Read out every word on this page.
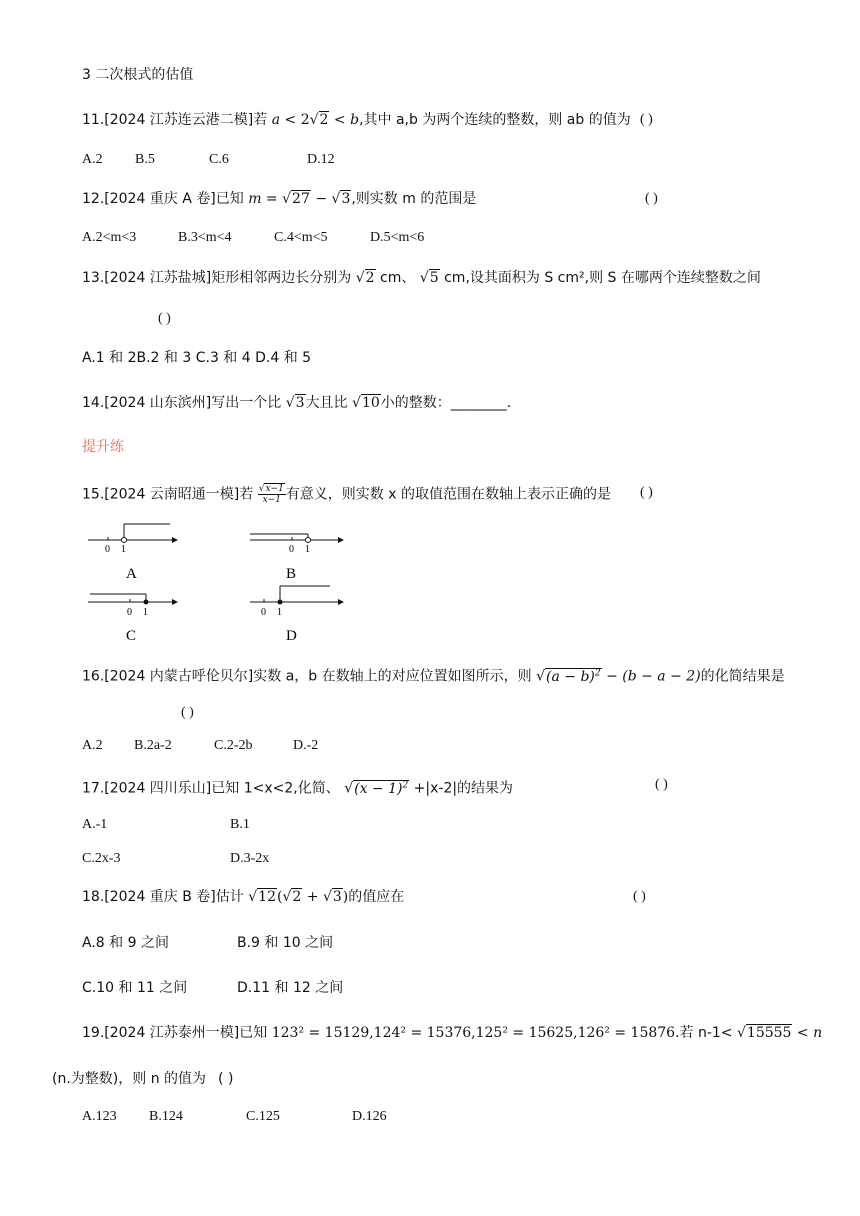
3 二次根式的估值
11.[2024 江苏连云港二模]若 a < 2√2 < b,其中 a,b 为两个连续的整数，则 ab 的值为 ( )
A.2 B.5	C.6	D.12
12.[2024 重庆 A 卷]已知 m = √27 − √3,则实数 m 的范围是	( )
A.2<m<3	B.3<m<4	C.4<m<5	D.5<m<6
13.[2024 江苏盐城]矩形相邻两边长分别为 √2 cm、 √5 cm,设其面积为 S cm²,则 S 在哪两个连续整数之间
( )
A.1 和 2B.2 和 3 C.3 和 4 D.4 和 5
14.[2024 山东滨州]写出一个比 √3大且比 √10小的整数：________.
提升练
15.[2024 云南昭通一模]若 $\frac{√x-1}{x-1}$ 有意义，则实数 x 的取值范围在数轴上表示正确的是 ( )
0 1
A
0 1
B
0 1
C
0 1
D
16.[2024 内蒙古呼伦贝尔]实数 a，b 在数轴上的对应位置如图所示，则 $√(a - b)^2 - (b - a - 2)$的化简结果是
( )
A.2 B.2a-2	C.2-2b	D.-2
17.[2024 四川乐山]已知 1<x<2,化简、 $√(x - 1)^2 +|x-2|$的结果为	( )
A.-1	B.1
C.2x-3	D.3-2x
18.[2024 重庆 B 卷]估计 √12(√2 + √3)的值应在	( )
A.8 和 9 之间	B.9 和 10 之间
C.10 和 11 之间	D.11 和 12 之间
19.[2024 江苏泰州一模]已知 123² = 15129,124² = 15376,125² = 15625,126² = 15876.若 n-1< √15555 < n
(n.为整数)，则 n 的值为 ( )
A.123 B.124	C.125	D.126
